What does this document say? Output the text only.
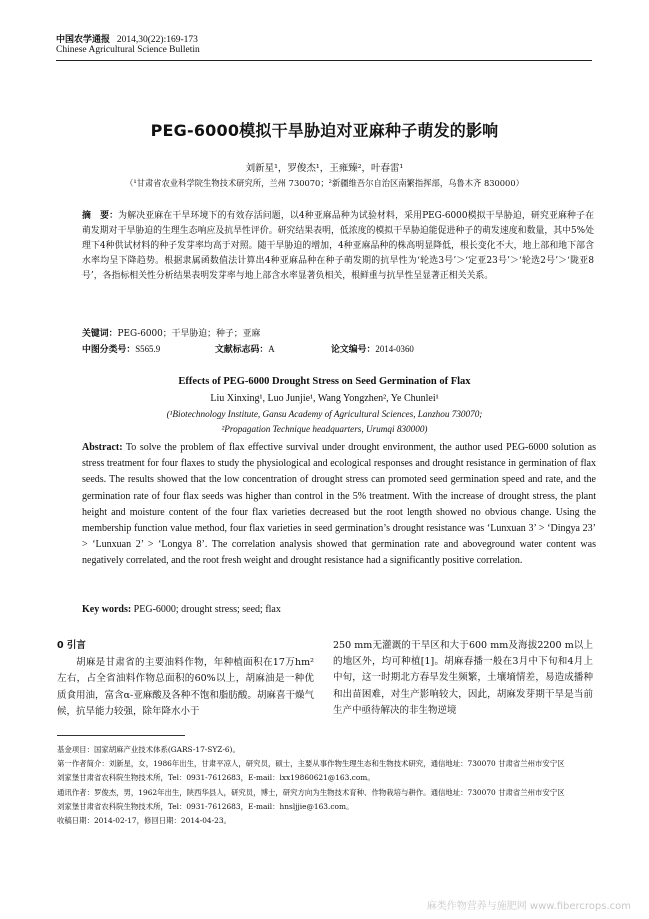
中国农学通报 2014,30(22):169-173
Chinese Agricultural Science Bulletin
PEG-6000模拟干旱胁迫对亚麻种子萌发的影响
刘新星¹，罗俊杰¹，王雍臻²，叶春雷¹
（¹甘肃省农业科学院生物技术研究所，兰州 730070；²新疆维吾尔自治区南繁指挥部，乌鲁木齐 830000）
摘　要：为解决亚麻在干旱环境下的有效存活问题，以4种亚麻品种为试验材料，采用PEG-6000模拟干旱胁迫，研究亚麻种子在萌发期对干旱胁迫的生理生态响应及抗旱性评价。研究结果表明，低浓度的模拟干旱胁迫能促进种子的萌发速度和数量，其中5%处理下4种供试材料的种子发芽率均高于对照。随干旱胁迫的增加，4种亚麻品种的株高明显降低，根长变化不大，地上部和地下部含水率均呈下降趋势。根据隶属函数值法计算出4种亚麻品种在种子萌发期的抗旱性为‘轮选3号’＞‘定亚23号’＞‘轮选2号’＞‘陇亚8号’，各指标相关性分析结果表明发芽率与地上部含水率显著负相关，根鲜重与抗旱性呈显著正相关关系。
关键词：PEG-6000；干旱胁迫；种子；亚麻
中图分类号：S565.9	文献标志码：A	论文编号：2014-0360
Effects of PEG-6000 Drought Stress on Seed Germination of Flax
Liu Xinxing¹, Luo Junjie¹, Wang Yongzhen², Ye Chunlei¹
(¹Biotechnology Institute, Gansu Academy of Agricultural Sciences, Lanzhou 730070;
²Propagation Technique headquarters, Urumqi 830000)
Abstract: To solve the problem of flax effective survival under drought environment, the author used PEG-6000 solution as stress treatment for four flaxes to study the physiological and ecological responses and drought resistance in germination of flax seeds. The results showed that the low concentration of drought stress can promoted seed germination speed and rate, and the germination rate of four flax seeds was higher than control in the 5% treatment. With the increase of drought stress, the plant height and moisture content of the four flax varieties decreased but the root length showed no obvious change. Using the membership function value method, four flax varieties in seed germination’s drought resistance was ‘Lunxuan 3’ > ‘Dingya 23’ > ‘Lunxuan 2’ > ‘Longya 8’. The correlation analysis showed that germination rate and aboveground water content was negatively correlated, and the root fresh weight and drought resistance had a significantly positive correlation.
Key words: PEG-6000; drought stress; seed; flax
0 引言

胡麻是甘肃省的主要油料作物，年种植面积在17万hm²左右，占全省油料作物总面积的60%以上，胡麻油是一种优质食用油，富含α-亚麻酸及各种不饱和脂肪酸。胡麻喜干燥气候，抗旱能力较强，除年降水小于

250 mm无灌溉的干旱区和大于600 mm及海拔2200 m以上的地区外，均可种植[1]。胡麻春播一般在3月中下旬和4月上中旬，这一时期北方春旱发生频繁，土壤墒情差，易造成播种和出苗困难，对生产影响较大，因此，胡麻发芽期干旱是当前生产中亟待解决的非生物逆境

基金项目：国家胡麻产业技术体系(GARS-17-SYZ-6)。

第一作者简介：刘新星，女，1986年出生，甘肃平凉人，研究员，硕士，主要从事作物生理生态和生物技术研究，通信地址：730070 甘肃省兰州市安宁区

刘家堡甘肃省农科院生物技术所，Tel：0931-7612683，E-mail：lxx19860621@163.com。

通讯作者：罗俊杰，男，1962年出生，陕西华县人，研究员，博士，研究方向为生物技术育种、作物栽培与耕作。通信地址：730070 甘肃省兰州市安宁区

刘家堡甘肃省农科院生物技术所，Tel：0931-7612683，E-mail：hnsljjie@163.com。

收稿日期：2014-02-17，修回日期：2014-04-23。

麻类作物营养与施肥网 www.fibercrops.com
